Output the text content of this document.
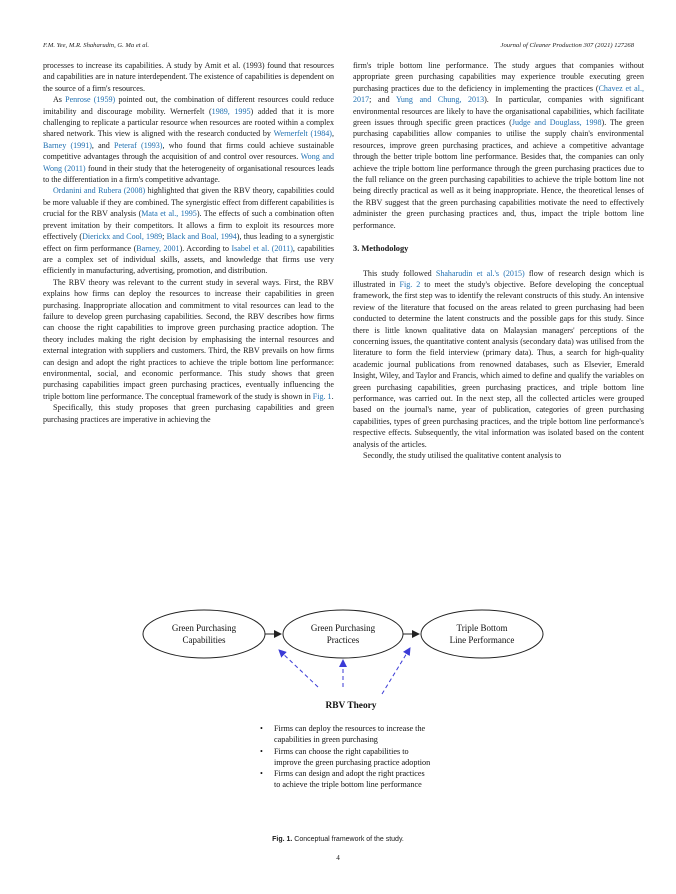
F.M. Yee, M.R. Shaharudin, G. Ma et al.	Journal of Cleaner Production 307 (2021) 127268

processes to increase its capabilities. A study by Amit et al. (1993) found that resources and capabilities are in nature interdependent. The existence of capabilities is dependent on the source of a firm's resources.

As Penrose (1959) pointed out, the combination of different resources could reduce imitability and discourage mobility. Wernerfelt (1989, 1995) added that it is more challenging to replicate a particular resource when resources are rooted within a complex shared network. This view is aligned with the research conducted by Wernerfelt (1984), Barney (1991), and Peteraf (1993), who found that firms could achieve sustainable competitive advantages through the acquisition of and control over resources. Wong and Wong (2011) found in their study that the heterogeneity of organisational resources leads to the differentiation in a firm's competitive advantage.

Ordanini and Rubera (2008) highlighted that given the RBV theory, capabilities could be more valuable if they are combined. The synergistic effect from different capabilities is crucial for the RBV analysis (Mata et al., 1995). The effects of such a combination often prevent imitation by their competitors. It allows a firm to exploit its resources more effectively (Dierickx and Cool, 1989; Black and Boal, 1994), thus leading to a synergistic effect on firm performance (Barney, 2001). According to Isabel et al. (2011), capabilities are a complex set of individual skills, assets, and knowledge that firms use very efficiently in manufacturing, advertising, promotion, and distribution.

The RBV theory was relevant to the current study in several ways. First, the RBV explains how firms can deploy the resources to increase their capabilities in green purchasing. Inappropriate allocation and commitment to vital resources can lead to the failure to develop green purchasing capabilities. Second, the RBV describes how firms can choose the right capabilities to improve green purchasing practice adoption. The theory includes making the right decision by emphasising the internal resources and external integration with suppliers and customers. Third, the RBV prevails on how firms can design and adopt the right practices to achieve the triple bottom line performance: environmental, social, and economic performance. This study shows that green purchasing capabilities impact green purchasing practices, eventually influencing the triple bottom line performance. The conceptual framework of the study is shown in Fig. 1.

Specifically, this study proposes that green purchasing capabilities and green purchasing practices are imperative in achieving the

firm's triple bottom line performance. The study argues that companies without appropriate green purchasing capabilities may experience trouble executing green purchasing practices due to the deficiency in implementing the practices (Chavez et al., 2017; and Yung and Chung, 2013). In particular, companies with significant environmental resources are likely to have the organisational capabilities, which facilitate green issues through specific green practices (Judge and Douglass, 1998). The green purchasing capabilities allow companies to utilise the supply chain's environmental resources, improve green purchasing practices, and achieve a competitive advantage through the better triple bottom line performance. Besides that, the companies can only achieve the triple bottom line performance through the green purchasing practices due to the full reliance on the green purchasing capabilities to achieve the triple bottom line not being directly practical as well as it being inappropriate. Hence, the theoretical lenses of the RBV suggest that the green purchasing capabilities motivate the need to effectively administer the green purchasing practices and, thus, impact the triple bottom line performance.

3. Methodology

This study followed Shaharudin et al.'s (2015) flow of research design which is illustrated in Fig. 2 to meet the study's objective. Before developing the conceptual framework, the first step was to identify the relevant constructs of this study. An intensive review of the literature that focused on the areas related to green purchasing had been conducted to determine the latent constructs and the possible gaps for this study. Since there is little known qualitative data on Malaysian managers' perceptions of the concerning issues, the quantitative content analysis (secondary data) was utilised from the literature to form the field interview (primary data). Thus, a search for high-quality academic journal publications from renowned databases, such as Elsevier, Emerald Insight, Wiley, and Taylor and Francis, which aimed to define and qualify the variables on green purchasing capabilities, green purchasing practices, and triple bottom line performance, was carried out. In the next step, all the collected articles were grouped based on the journal's name, year of publication, categories of green purchasing capabilities, types of green purchasing practices, and the triple bottom line performance's respective effects. Subsequently, the vital information was isolated based on the content analysis of the articles.

Secondly, the study utilised the qualitative content analysis to

Green Purchasing
Capabilities
Green Purchasing
Practices
Triple Bottom
Line Performance
RBV Theory

• Firms can deploy the resources to increase the capabilities in green purchasing

• Firms can choose the right capabilities to improve the green purchasing practice adoption

• Firms can design and adopt the right practices to achieve the triple bottom line performance

Fig. 1. Conceptual framework of the study.
4
